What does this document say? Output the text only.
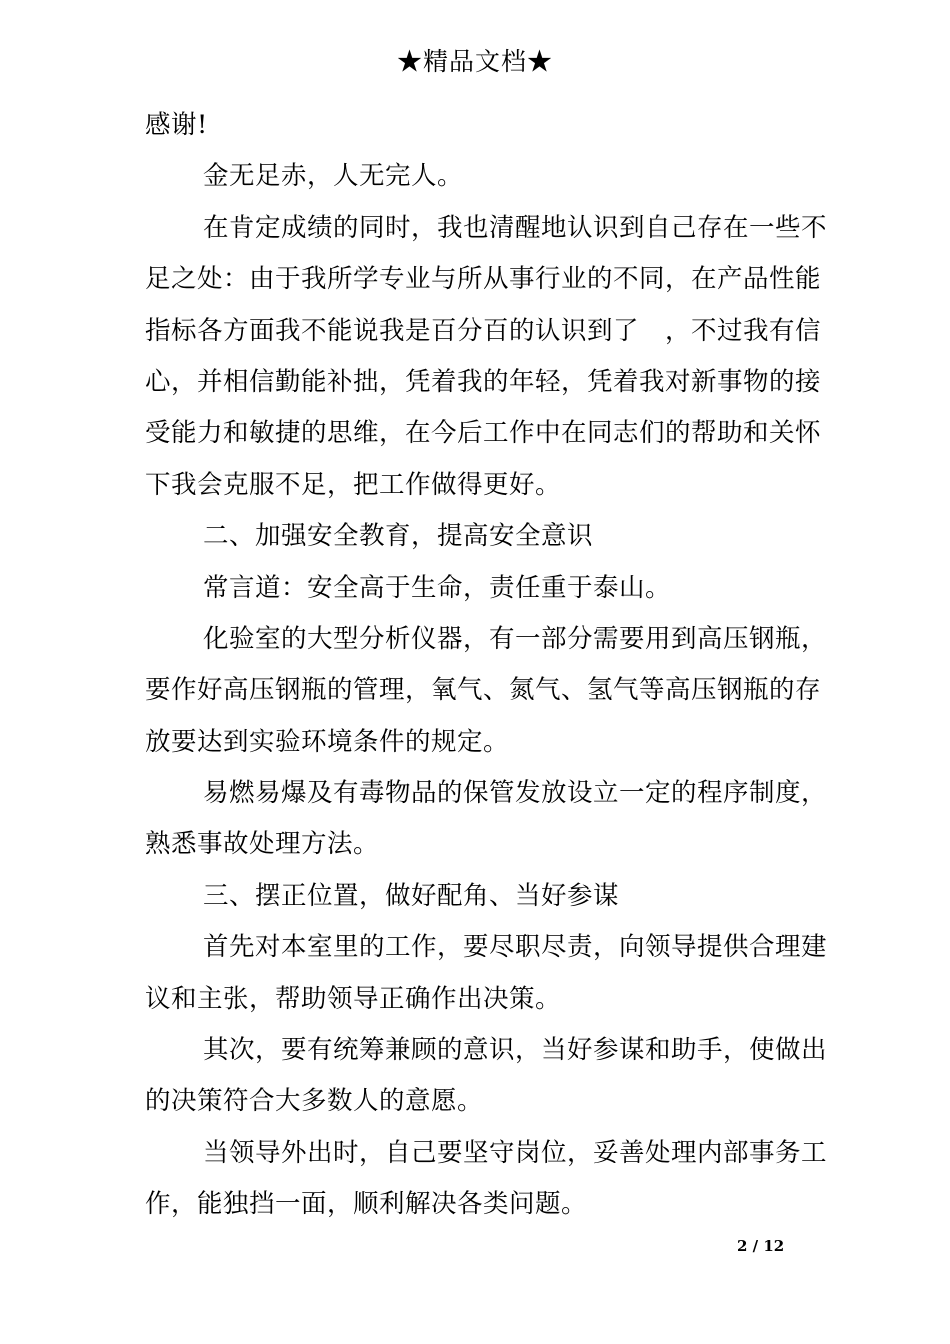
★精品文档★
感谢!
金无足赤，人无完人。
在肯定成绩的同时，我也清醒地认识到自己存在一些不
足之处：由于我所学专业与所从事行业的不同，在产品性能
指标各方面我不能说我是百分百的认识到了　，不过我有信
心，并相信勤能补拙，凭着我的年轻，凭着我对新事物的接
受能力和敏捷的思维，在今后工作中在同志们的帮助和关怀
下我会克服不足，把工作做得更好。
二、加强安全教育，提高安全意识
常言道：安全高于生命，责任重于泰山。
化验室的大型分析仪器，有一部分需要用到高压钢瓶，
要作好高压钢瓶的管理，氧气、氮气、氢气等高压钢瓶的存
放要达到实验环境条件的规定。
易燃易爆及有毒物品的保管发放设立一定的程序制度，
熟悉事故处理方法。
三、摆正位置，做好配角、当好参谋
首先对本室里的工作，要尽职尽责，向领导提供合理建
议和主张，帮助领导正确作出决策。
其次，要有统筹兼顾的意识，当好参谋和助手，使做出
的决策符合大多数人的意愿。
当领导外出时，自己要坚守岗位，妥善处理内部事务工
作，能独挡一面，顺利解决各类问题。
2 / 12
